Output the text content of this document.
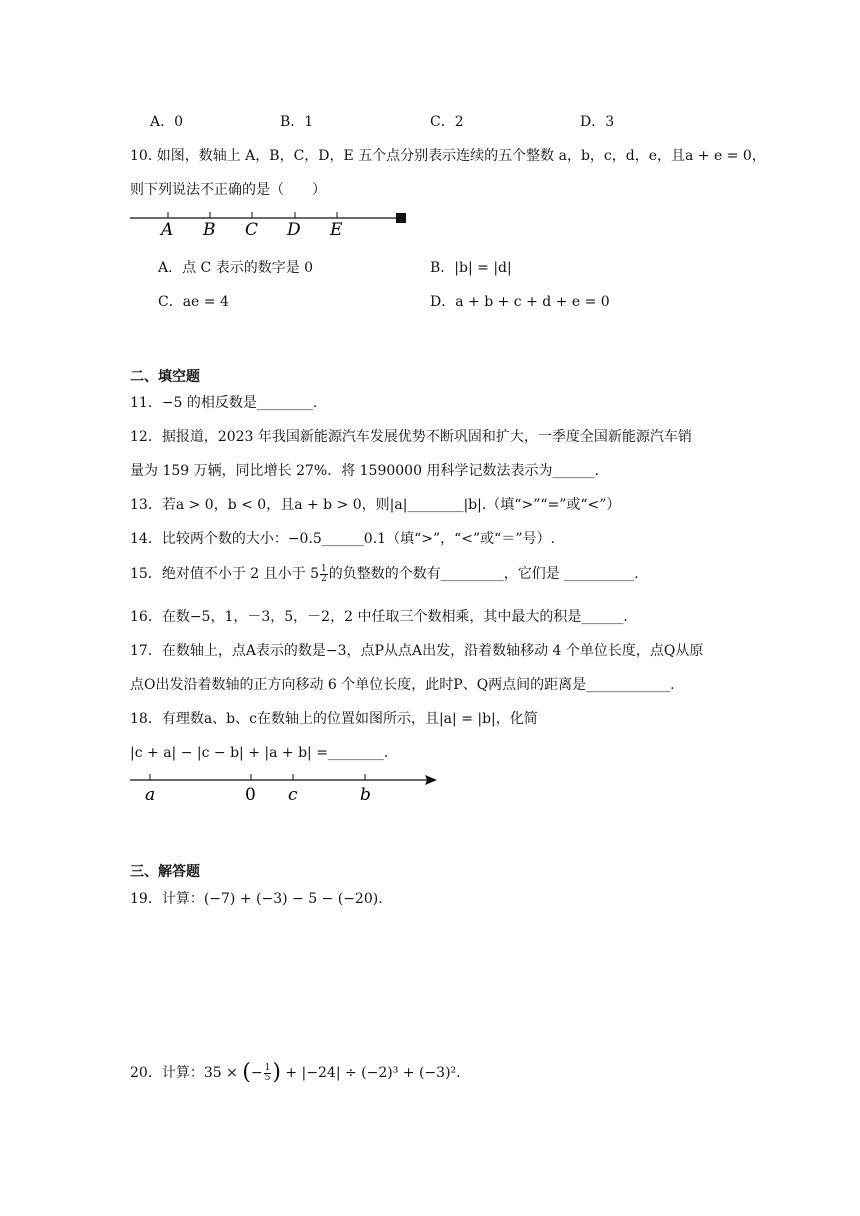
A．0	B．1	C．2	D．3
10. 如图，数轴上 A，B，C，D，E 五个点分别表示连续的五个整数 a，b，c，d，e，且a + e = 0，
则下列说法不正确的是（　　）
A B C D E
A．点 C 表示的数字是 0	B．|b| = |d|
C．ae = 4	D．a + b + c + d + e = 0
二、填空题
11．−5 的相反数是________.
12．据报道，2023 年我国新能源汽车发展优势不断巩固和扩大，一季度全国新能源汽车销
量为 159 万辆，同比增长 27%．将 1590000 用科学记数法表示为______.
13．若a > 0，b < 0，且a + b > 0，则|a|________|b|.（填“>”“=”或“<”）
14．比较两个数的大小：−0.5______0.1（填“>”，“<”或“＝”号）.
15．绝对值不小于 2 且小于 $5 \frac{1}{2}$ 的负整数的个数有_________，它们是 __________.
16．在数−5，1，－3，5，－2，2 中任取三个数相乘，其中最大的积是______.
17．在数轴上，点A表示的数是−3，点P从点A出发，沿着数轴移动 4 个单位长度，点Q从原
点O出发沿着数轴的正方向移动 6 个单位长度，此时P、Q两点间的距离是____________.
18．有理数a、b、c在数轴上的位置如图所示，且|a| = |b|，化简
|c + a| − |c − b| + |a + b| =________.
a	0 c	b
三、解答题
19．计算：(−7) + (−3) − 5 − (−20).
20．计算：35 × (− $\frac{1}{5}$ ) + |−24| ÷ (−2)³ + (−3)².
